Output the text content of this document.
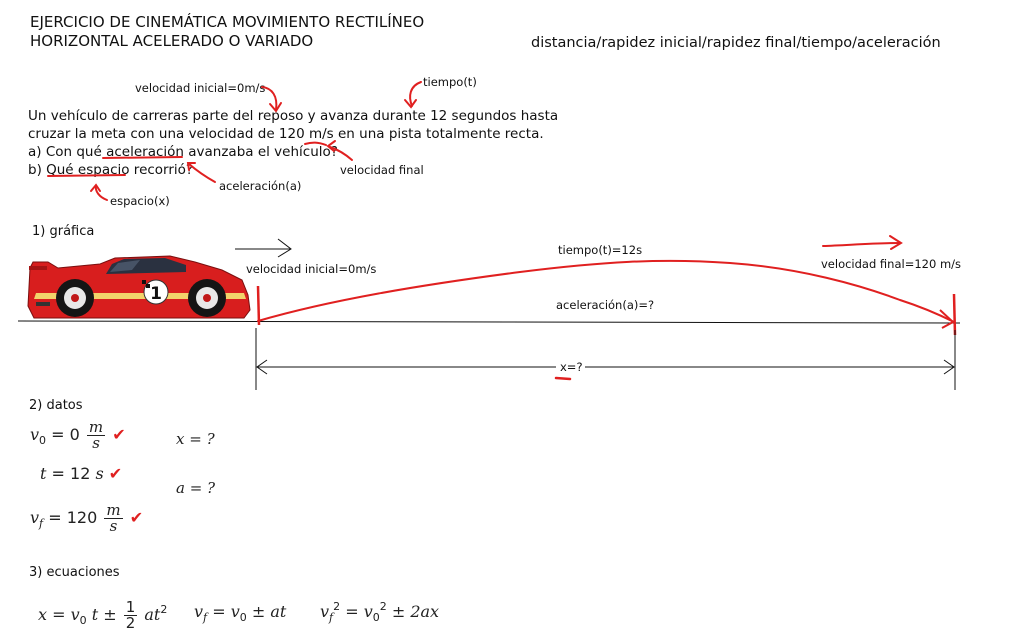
EJERCICIO DE CINEMÁTICA MOVIMIENTO RECTILÍNEO
HORIZONTAL ACELERADO O VARIADO	distancia/rapidez inicial/rapidez final/tiempo/aceleración
velocidad inicial=0m/s	tiempo(t)
Un vehículo de carreras parte del reposo y avanza durante 12 segundos hasta
cruzar la meta con una velocidad de 120 m/s en una pista totalmente recta.
a) Con qué aceleración avanzaba el vehículo?
b) Qué espacio recorrió?	velocidad final
aceleración(a)
espacio(x)
1) gráfica
velocidad inicial=0m/s
tiempo(t)=12s
velocidad final=120 m/s
aceleración(a)=?
x=?
1
2) datos
$v_0 = 0 \frac{m}{s}$ ✔
t = 12 s ✔
$v_f = 120 \frac{m}{s}$ ✔
x = ?
a = ?
3) ecuaciones
$x = v_0$ $t \pm \frac{1}{2} at^2$ $v_f = v_0$ ± at $v_f^2 = v_0^2 \pm 2ax$
